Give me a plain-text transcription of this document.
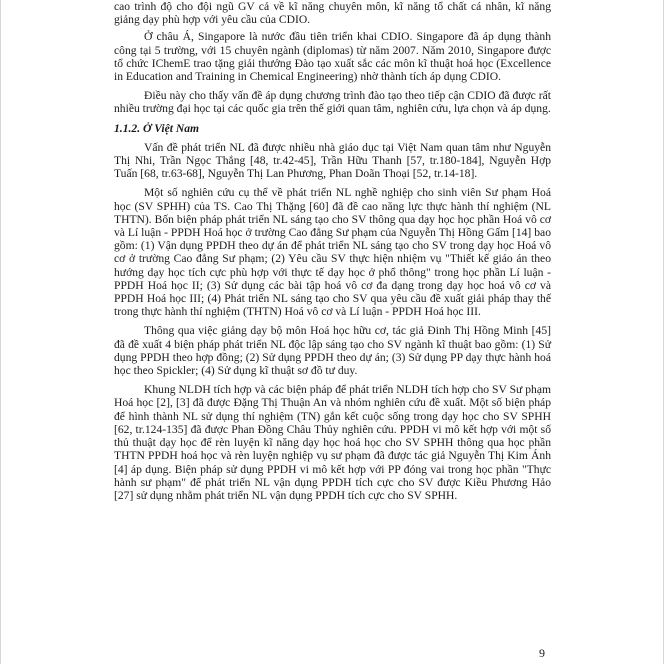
cao trình độ cho đội ngũ GV cả về kĩ năng chuyên môn, kĩ năng tổ chất cá nhân, kĩ năng giảng dạy phù hợp với yêu cầu của CDIO.

Ở châu Á, Singapore là nước đầu tiên triển khai CDIO. Singapore đã áp dụng thành công tại 5 trường, với 15 chuyên ngành (diplomas) từ năm 2007. Năm 2010, Singapore được tổ chức IChemE trao tặng giải thưởng Đào tạo xuất sắc các môn kĩ thuật hoá học (Excellence in Education and Training in Chemical Engineering) nhờ thành tích áp dụng CDIO.

Điều này cho thấy vấn đề áp dụng chương trình đào tạo theo tiếp cận CDIO đã được rất nhiều trường đại học tại các quốc gia trên thế giới quan tâm, nghiên cứu, lựa chọn và áp dụng.

1.1.2. Ở Việt Nam

Vấn đề phát triển NL đã được nhiều nhà giáo dục tại Việt Nam quan tâm như Nguyễn Thị Nhi, Trần Ngọc Thắng [48, tr.42-45], Trần Hữu Thanh [57, tr.180-184], Nguyễn Hợp Tuấn [68, tr.63-68], Nguyễn Thị Lan Phương, Phan Doãn Thoại [52, tr.14-18].

Một số nghiên cứu cụ thể về phát triển NL nghề nghiệp cho sinh viên Sư phạm Hoá học (SV SPHH) của TS. Cao Thị Thặng [60] đã đề cao năng lực thực hành thí nghiệm (NL THTN). Bốn biện pháp phát triển NL sáng tạo cho SV thông qua dạy học học phần Hoá vô cơ và Lí luận - PPDH Hoá học ở trường Cao đẳng Sư phạm của Nguyễn Thị Hồng Gấm [14] bao gồm: (1) Vận dụng PPDH theo dự án để phát triển NL sáng tạo cho SV trong dạy học Hoá vô cơ ở trường Cao đẳng Sư phạm; (2) Yêu cầu SV thực hiện nhiệm vụ "Thiết kế giáo án theo hướng dạy học tích cực phù hợp với thực tế dạy học ở phổ thông" trong học phần Lí luận - PPDH Hoá học II; (3) Sử dụng các bài tập hoá vô cơ đa dạng trong dạy học hoá vô cơ và PPDH Hoá học III; (4) Phát triển NL sáng tạo cho SV qua yêu cầu đề xuất giải pháp thay thế trong thực hành thí nghiệm (THTN) Hoá vô cơ và Lí luận - PPDH Hoá học III.

Thông qua việc giảng dạy bộ môn Hoá học hữu cơ, tác giả Đinh Thị Hồng Minh [45] đã đề xuất 4 biện pháp phát triển NL độc lập sáng tạo cho SV ngành kĩ thuật bao gồm: (1) Sử dụng PPDH theo hợp đồng; (2) Sử dụng PPDH theo dự án; (3) Sử dụng PP dạy thực hành hoá học theo Spickler; (4) Sử dụng kĩ thuật sơ đồ tư duy.

Khung NLDH tích hợp và các biện pháp để phát triển NLDH tích hợp cho SV Sư phạm Hoá học [2], [3] đã được Đặng Thị Thuận An và nhóm nghiên cứu đề xuất. Một số biện pháp để hình thành NL sử dụng thí nghiệm (TN) gắn kết cuộc sống trong dạy học cho SV SPHH [62, tr.124-135] đã được Phan Đồng Châu Thủy nghiên cứu. PPDH vi mô kết hợp với một số thủ thuật dạy học để rèn luyện kĩ năng dạy học hoá học cho SV SPHH thông qua học phần THTN PPDH hoá học và rèn luyện nghiệp vụ sư phạm đã được tác giả Nguyễn Thị Kim Ánh [4] áp dụng. Biện pháp sử dụng PPDH vi mô kết hợp với PP đóng vai trong học phần "Thực hành sư phạm" để phát triển NL vận dụng PPDH tích cực cho SV được Kiều Phương Hảo [27] sử dụng nhằm phát triển NL vận dụng PPDH tích cực cho SV SPHH.

9
